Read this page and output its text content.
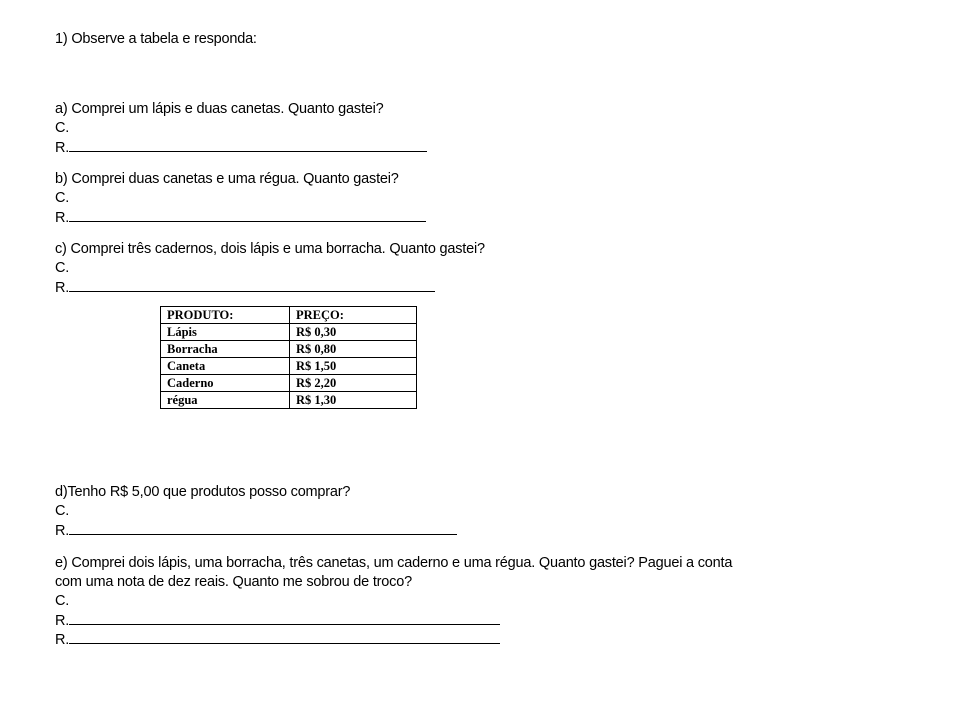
1) Observe a tabela e responda:
a) Comprei um lápis e duas canetas. Quanto gastei?
C.
R.
b) Comprei duas canetas e uma régua. Quanto gastei?
C.
R.
c) Comprei três cadernos, dois lápis e uma borracha. Quanto gastei?
C.
R.
PRODUTO:	PREÇO:
Lápis	R$ 0,30
Borracha	R$ 0,80
Caneta	R$ 1,50
Caderno	R$ 2,20
régua	R$ 1,30
d)Tenho R$ 5,00 que produtos posso comprar?
C.
R.
e) Comprei dois lápis, uma borracha, três canetas, um caderno e uma régua. Quanto gastei? Paguei a conta
com uma nota de dez reais. Quanto me sobrou de troco?
C.
R.
R.
